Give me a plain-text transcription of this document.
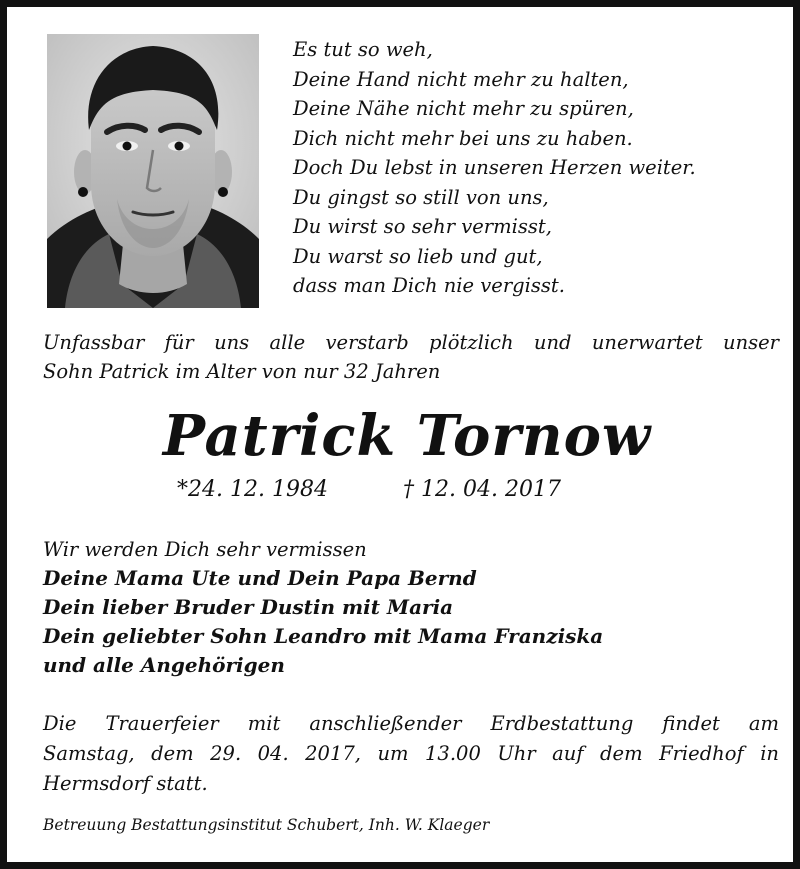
Es tut so weh,
Deine Hand nicht mehr zu halten,
Deine Nähe nicht mehr zu spüren,
Dich nicht mehr bei uns zu haben.
Doch Du lebst in unseren Herzen weiter.
Du gingst so still von uns,
Du wirst so sehr vermisst,
Du warst so lieb und gut,
dass man Dich nie vergisst.
Unfassbar für uns alle verstarb plötzlich und unerwartet unser
Sohn Patrick im Alter von nur 32 Jahren
Patrick Tornow
*24. 12. 1984	† 12. 04. 2017
Wir werden Dich sehr vermissen
Deine Mama Ute und Dein Papa Bernd
Dein lieber Bruder Dustin mit Maria
Dein geliebter Sohn Leandro mit Mama Franziska
und alle Angehörigen
Die Trauerfeier mit anschließender Erdbestattung findet am
Samstag, dem 29. 04. 2017, um 13.00 Uhr auf dem Friedhof in
Hermsdorf statt.
Betreuung Bestattungsinstitut Schubert, Inh. W. Klaeger
